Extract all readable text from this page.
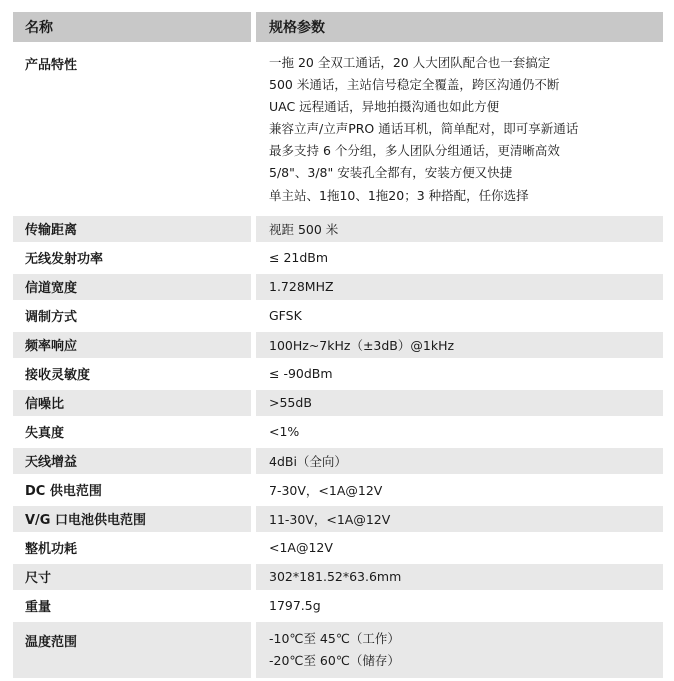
名称	规格参数
产品特性	一拖 20 全双工通话，20 人大团队配合也一套搞定
500 米通话，主站信号稳定全覆盖，跨区沟通仍不断
UAC 远程通话，异地拍摄沟通也如此方便
兼容立声/立声PRO 通话耳机，简单配对，即可享新通话
最多支持 6 个分组，多人团队分组通话，更清晰高效
5/8"、3/8" 安装孔全都有，安装方便又快捷
单主站、1拖10、1拖20；3 种搭配，任你选择
传输距离	视距 500 米
无线发射功率	≤ 21dBm
信道宽度	1.728MHZ
调制方式	GFSK
频率响应	100Hz~7kHz（±3dB）@1kHz
接收灵敏度	≤ -90dBm
信噪比	>55dB
失真度	<1%
天线增益	4dBi（全向）
DC 供电范围	7-30V，<1A@12V
V/G 口电池供电范围	11-30V，<1A@12V
整机功耗	<1A@12V
尺寸	302*181.52*63.6mm
重量	1797.5g
温度范围	-10℃至 45℃（工作）
-20℃至 60℃（储存）
